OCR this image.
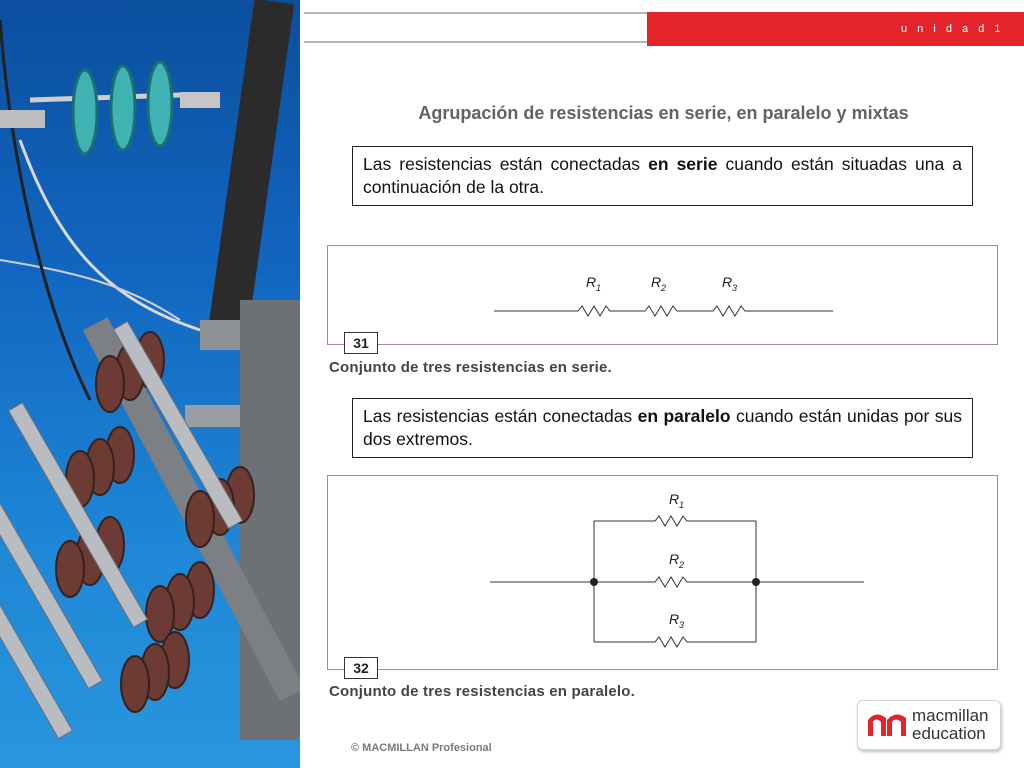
u n i d a d 1
Agrupación de resistencias en serie, en paralelo y mixtas
Las resistencias están conectadas en serie cuando están situadas una a continuación de la otra.
R 1	R 2	R 3
31

Conjunto de tres resistencias en serie.

Las resistencias están conectadas en paralelo cuando están unidas por sus dos extremos.
R 1
R 2
R 3
32

Conjunto de tres resistencias en paralelo.

© MACMILLAN Profesional
macmillan
education
